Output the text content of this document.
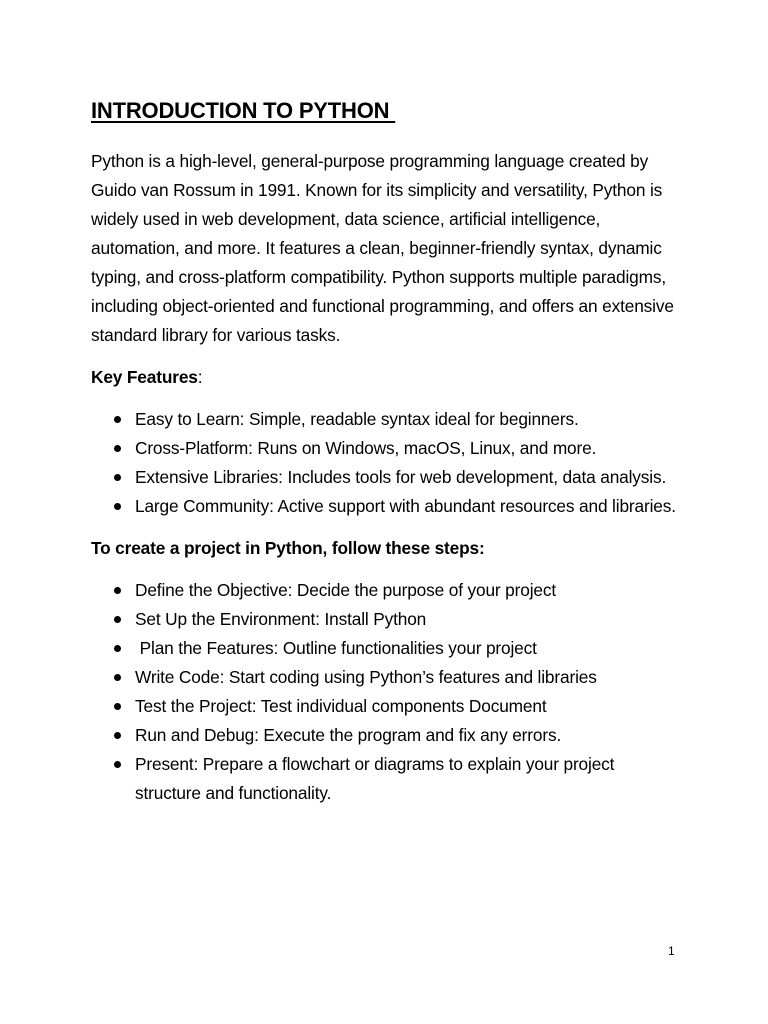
INTRODUCTION TO PYTHON

Python is a high-level, general-purpose programming language created by Guido van Rossum in 1991. Known for its simplicity and versatility, Python is widely used in web development, data science, artificial intelligence, automation, and more. It features a clean, beginner-friendly syntax, dynamic typing, and cross-platform compatibility. Python supports multiple paradigms, including object-oriented and functional programming, and offers an extensive standard library for various tasks.

Key Features:

Easy to Learn: Simple, readable syntax ideal for beginners.
Cross-Platform: Runs on Windows, macOS, Linux, and more.
Extensive Libraries: Includes tools for web development, data analysis.
Large Community: Active support with abundant resources and libraries.

To create a project in Python, follow these steps:

Define the Objective: Decide the purpose of your project
Set Up the Environment: Install Python
Plan the Features: Outline functionalities your project
Write Code: Start coding using Python’s features and libraries
Test the Project: Test individual components Document
Run and Debug: Execute the program and fix any errors.
Present: Prepare a flowchart or diagrams to explain your project structure and functionality.
1
